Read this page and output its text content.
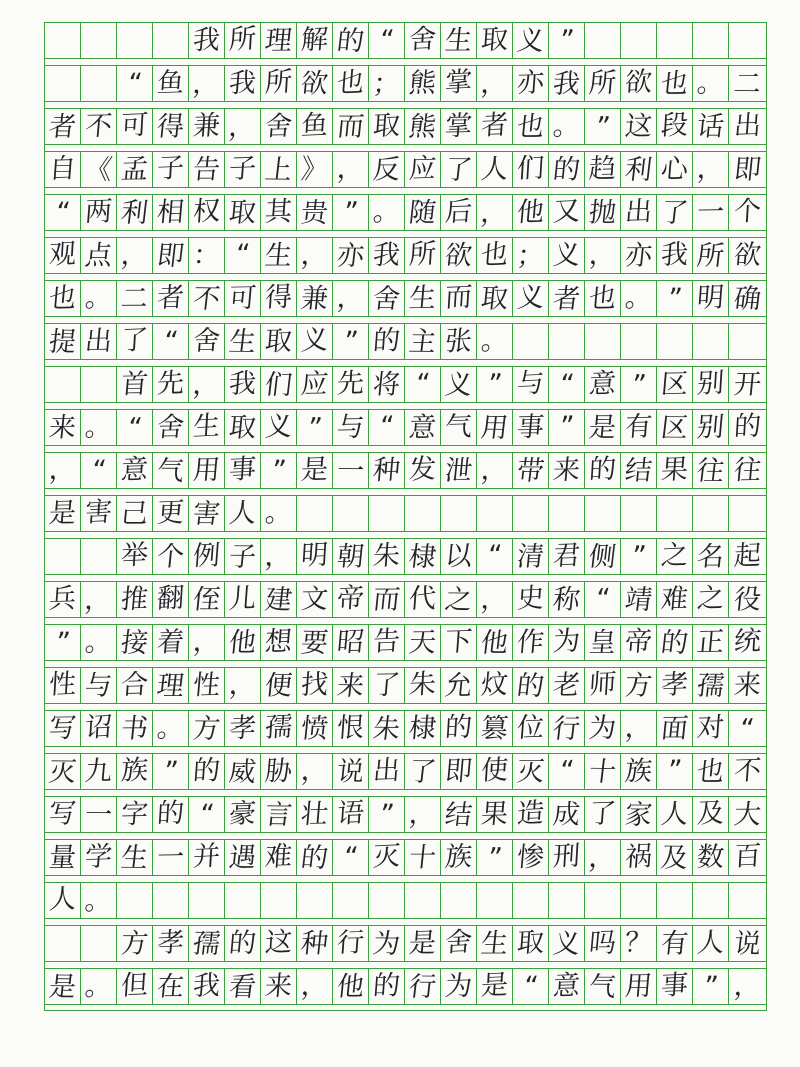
我 所 理 解 的 “ 舍 生 取 义 ”
“ 鱼 ， 我 所 欲 也 ； 熊 掌 ， 亦 我 所 欲 也 。 二
者 不 可 得 兼 ， 舍 鱼 而 取 熊 掌 者 也 。 ” 这 段 话 出
自 《 孟 子 告 子 上 》 ， 反 应 了 人 们 的 趋 利 心 ， 即
“ 两 利 相 权 取 其 贵 ” 。 随 后 ， 他 又 抛 出 了 一 个
观 点 ， 即 ： “ 生 ， 亦 我 所 欲 也 ； 义 ， 亦 我 所 欲
也 。 二 者 不 可 得 兼 ， 舍 生 而 取 义 者 也 。 ” 明 确
提 出 了 “ 舍 生 取 义 ” 的 主 张 。
首 先 ， 我 们 应 先 将 “ 义 ” 与 “ 意 ” 区 别 开
来 。 “ 舍 生 取 义 ” 与 “ 意 气 用 事 ” 是 有 区 别 的
， “ 意 气 用 事 ” 是 一 种 发 泄 ， 带 来 的 结 果 往 往
是 害 己 更 害 人 。
举 个 例 子 ， 明 朝 朱 棣 以 “ 清 君 侧 ” 之 名 起
兵 ， 推 翻 侄 儿 建 文 帝 而 代 之 ， 史 称 “ 靖 难 之 役
” 。 接 着 ， 他 想 要 昭 告 天 下 他 作 为 皇 帝 的 正 统
性 与 合 理 性 ， 便 找 来 了 朱 允 炆 的 老 师 方 孝 孺 来
写 诏 书 。 方 孝 孺 愤 恨 朱 棣 的 篡 位 行 为 ， 面 对 “
灭 九 族 ” 的 威 胁 ， 说 出 了 即 使 灭 “ 十 族 ” 也 不
写 一 字 的 “ 豪 言 壮 语 ” ， 结 果 造 成 了 家 人 及 大
量 学 生 一 并 遇 难 的 “ 灭 十 族 ” 惨 刑 ， 祸 及 数 百
人 。
方 孝 孺 的 这 种 行 为 是 舍 生 取 义 吗 ？ 有 人 说
是 。 但 在 我 看 来 ， 他 的 行 为 是 “ 意 气 用 事 ” ，
